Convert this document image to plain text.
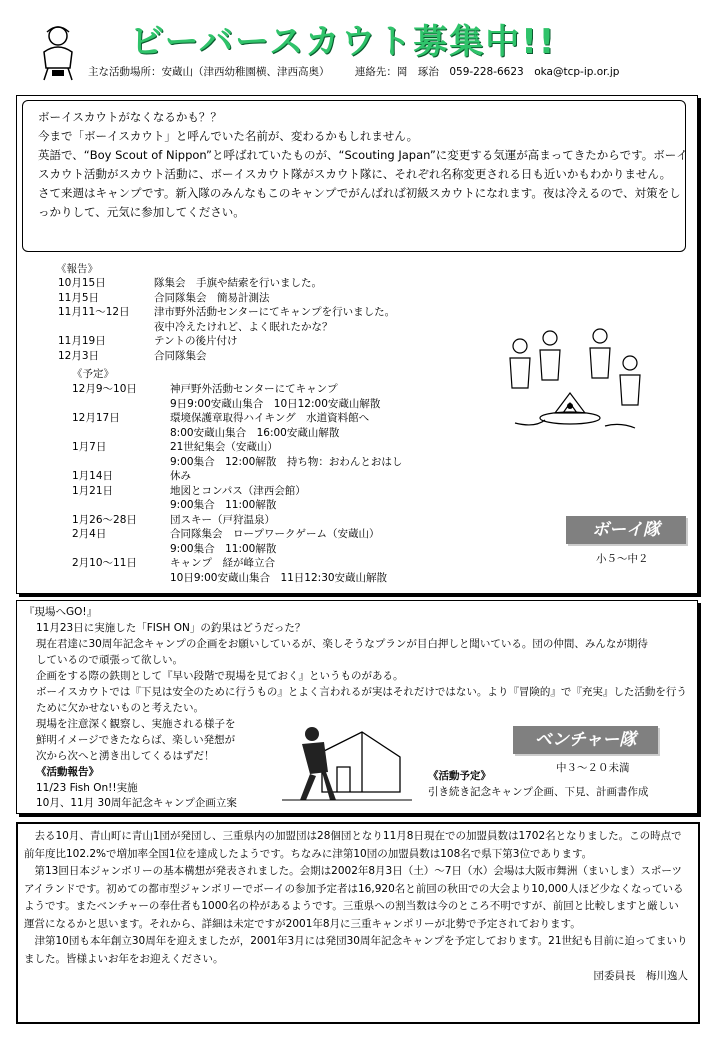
ビーバースカウト募集中!!
主な活動場所：安蔵山（津西幼稚園横、津西高奥） 連絡先：岡　琢治　059-228-6623　oka@tcp-ip.or.jp
ボーイスカウトがなくなるかも？？
今まで「ボーイスカウト」と呼んでいた名前が、変わるかもしれません。
英語で、“Boy Scout of Nippon”と呼ばれていたものが、“Scouting Japan”に変更する気運が高まってきたからです。ボーイスカウト活動がスカウト活動に、ボーイスカウト隊がスカウト隊に、それぞれ名称変更される日も近いかもわかりません。
さて来週はキャンプです。新入隊のみんなもこのキャンプでがんばれば初級スカウトになれます。夜は冷えるので、対策をしっかりして、元気に参加してください。
《報告》
10月15日	隊集会　手旗や結索を行いました。
11月5日	合同隊集会　簡易計測法
11月11～12日 津市野外活動センターにてキャンプを行いました。
夜中冷えたけれど、よく眠れたかな？
11月19日	テントの後片付け
12月3日	合同隊集会
《予定》
12月9～10日	神戸野外活動センターにてキャンプ
9日9:00安蔵山集合　10日12:00安蔵山解散
12月17日	環境保護章取得ハイキング　水道資料館へ
8:00安蔵山集合　16:00安蔵山解散
1月7日	21世紀集会（安蔵山）
9:00集合　12:00解散　持ち物：おわんとおはし
1月14日	休み
1月21日	地図とコンパス（津西会館）
9:00集合　11:00解散
1月26～28日	団スキー（戸狩温泉）
2月4日	合同隊集会　ロープワークゲーム（安蔵山）
9:00集合　11:00解散
2月10～11日	キャンプ　経が峰立合
10日9:00安蔵山集合　11日12:30安蔵山解散
ボーイ隊
小５～中２
『現場へGO!』
11月23日に実施した「FISH ON」の釣果はどうだった？
現在君達に30周年記念キャンプの企画をお願いしているが、楽しそうなプランが目白押しと聞いている。団の仲間、みんなが期待
しているので頑張って欲しい。
企画をする際の鉄則として『早い段階で現場を見ておく』というものがある。
ボーイスカウトでは『下見は安全のために行うもの』とよく言われるが実はそれだけではない。より『冒険的』で『充実』した活動を行う
ために欠かせないものと考えたい。
現場を注意深く観察し、実施される様子を
鮮明イメージできたならば、楽しい発想が
次から次へと湧き出してくるはずだ！
《活動報告》
11/23 Fish On!!実施
10月、11月 30周年記念キャンプ企画立案
ベンチャー隊
中３～２０未満
《活動予定》
引き続き記念キャンプ企画、下見、計画書作成

去る10月、青山町に青山1団が発団し、三重県内の加盟団は28個団となり11月8日現在での加盟員数は1702名となりました。この時点で前年度比102.2%で増加率全国1位を達成したようです。ちなみに津第10団の加盟員数は108名で県下第3位であります。

第13回日本ジャンボリーの基本構想が発表されました。会期は2002年8月3日（土）～7日（水）会場は大阪市舞洲（まいしま）スポーツアイランドです。初めての都市型ジャンボリーでボーイの参加予定者は16,920名と前回の秋田での大会より10,000人ほど少なくなっているようです。またベンチャーの奉仕者も1000名の枠があるようです。三重県への割当数は今のところ不明ですが、前回と比較しますと厳しい運営になるかと思います。それから、詳細は未定ですが2001年8月に三重キャンポリーが北勢で予定されております。

津第10団も本年創立30周年を迎えましたが，2001年3月には発団30周年記念キャンプを予定しております。21世紀も目前に迫ってまいりました。皆様よいお年をお迎えください。

団委員長　梅川逸人
